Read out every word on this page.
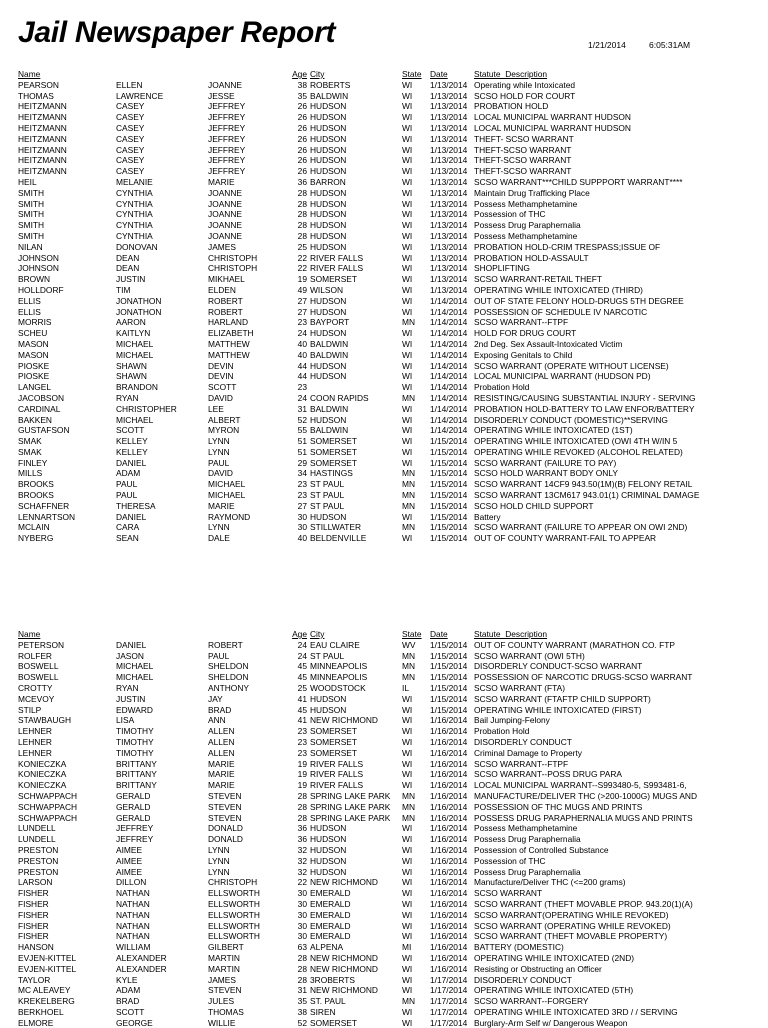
Jail Newspaper Report	1/21/2014	6:05:31AM
Name			Age	City	State	Date	Statute_Description
PEARSON	ELLEN	JOANNE	38	ROBERTS	WI	1/13/2014	Operating while Intoxicated
THOMAS	LAWRENCE	JESSE	35	BALDWIN	WI	1/13/2014	SCSO HOLD FOR COURT
HEITZMANN	CASEY	JEFFREY	26	HUDSON	WI	1/13/2014	PROBATION HOLD
HEITZMANN	CASEY	JEFFREY	26	HUDSON	WI	1/13/2014	LOCAL MUNICIPAL WARRANT HUDSON
HEITZMANN	CASEY	JEFFREY	26	HUDSON	WI	1/13/2014	LOCAL MUNICIPAL WARRANT HUDSON
HEITZMANN	CASEY	JEFFREY	26	HUDSON	WI	1/13/2014	THEFT- SCSO WARRANT
HEITZMANN	CASEY	JEFFREY	26	HUDSON	WI	1/13/2014	THEFT-SCSO WARRANT
HEITZMANN	CASEY	JEFFREY	26	HUDSON	WI	1/13/2014	THEFT-SCSO WARRANT
HEITZMANN	CASEY	JEFFREY	26	HUDSON	WI	1/13/2014	THEFT-SCSO WARRANT
HEIL	MELANIE	MARIE	36	BARRON	WI	1/13/2014	SCSO WARRANT***CHILD SUPPPORT WARRANT****
SMITH	CYNTHIA	JOANNE	28	HUDSON	WI	1/13/2014	Maintain Drug Trafficking Place
SMITH	CYNTHIA	JOANNE	28	HUDSON	WI	1/13/2014	Possess Methamphetamine
SMITH	CYNTHIA	JOANNE	28	HUDSON	WI	1/13/2014	Possession of THC
SMITH	CYNTHIA	JOANNE	28	HUDSON	WI	1/13/2014	Possess Drug Paraphernalia
SMITH	CYNTHIA	JOANNE	28	HUDSON	WI	1/13/2014	Possess Methamphetamine
NILAN	DONOVAN	JAMES	25	HUDSON	WI	1/13/2014	PROBATION HOLD-CRIM TRESPASS;ISSUE OF
JOHNSON	DEAN	CHRISTOPH	22	RIVER FALLS	WI	1/13/2014	PROBATION HOLD-ASSAULT
JOHNSON	DEAN	CHRISTOPH	22	RIVER FALLS	WI	1/13/2014	SHOPLIFTING
BROWN	JUSTIN	MIKHAEL	19	SOMERSET	WI	1/13/2014	SCSO WARRANT-RETAIL THEFT
HOLLDORF	TIM	ELDEN	49	WILSON	WI	1/13/2014	OPERATING WHILE INTOXICATED (THIRD)
ELLIS	JONATHON	ROBERT	27	HUDSON	WI	1/14/2014	OUT OF STATE FELONY HOLD-DRUGS 5TH DEGREE
ELLIS	JONATHON	ROBERT	27	HUDSON	WI	1/14/2014	POSSESSION OF SCHEDULE IV NARCOTIC
MORRIS	AARON	HARLAND	23	BAYPORT	MN	1/14/2014	SCSO WARRANT--FTPF
SCHEU	KAITLYN	ELIZABETH	24	HUDSON	WI	1/14/2014	HOLD FOR DRUG COURT
MASON	MICHAEL	MATTHEW	40	BALDWIN	WI	1/14/2014	2nd Deg. Sex Assault-Intoxicated Victim
MASON	MICHAEL	MATTHEW	40	BALDWIN	WI	1/14/2014	Exposing Genitals to Child
PIOSKE	SHAWN	DEVIN	44	HUDSON	WI	1/14/2014	SCSO WARRANT (OPERATE WITHOUT LICENSE)
PIOSKE	SHAWN	DEVIN	44	HUDSON	WI	1/14/2014	LOCAL MUNICIPAL WARRANT (HUDSON PD)
LANGEL	BRANDON	SCOTT	23		WI	1/14/2014	Probation Hold
JACOBSON	RYAN	DAVID	24	COON RAPIDS	MN	1/14/2014	RESISTING/CAUSING SUBSTANTIAL INJURY - SERVING
CARDINAL	CHRISTOPHER	LEE	31	BALDWIN	WI	1/14/2014	PROBATION HOLD-BATTERY TO LAW ENFOR/BATTERY
BAKKEN	MICHAEL	ALBERT	52	HUDSON	WI	1/14/2014	DISORDERLY CONDUCT (DOMESTIC)**SERVING
GUSTAFSON	SCOTT	MYRON	55	BALDWIN	WI	1/14/2014	OPERATING WHILE INTOXICATED (1ST)
SMAK	KELLEY	LYNN	51	SOMERSET	WI	1/15/2014	OPERATING WHILE INTOXICATED (OWI 4TH W/IN 5
SMAK	KELLEY	LYNN	51	SOMERSET	WI	1/15/2014	OPERATING WHILE REVOKED (ALCOHOL RELATED)
FINLEY	DANIEL	PAUL	29	SOMERSET	WI	1/15/2014	SCSO WARRANT (FAILURE TO PAY)
MILLS	ADAM	DAVID	34	HASTINGS	MN	1/15/2014	SCSO HOLD WARRANT BODY ONLY
BROOKS	PAUL	MICHAEL	23	ST PAUL	MN	1/15/2014	SCSO WARRANT 14CF9 943.50(1M)(B) FELONY RETAIL
BROOKS	PAUL	MICHAEL	23	ST PAUL	MN	1/15/2014	SCSO WARRANT 13CM617 943.01(1) CRIMINAL DAMAGE
SCHAFFNER	THERESA	MARIE	27	ST PAUL	MN	1/15/2014	SCSO HOLD CHILD SUPPORT
LENNARTSON	DANIEL	RAYMOND	30	HUDSON	WI	1/15/2014	Battery
MCLAIN	CARA	LYNN	30	STILLWATER	MN	1/15/2014	SCSO WARRANT (FAILURE TO APPEAR ON OWI 2ND)
NYBERG	SEAN	DALE	40	BELDENVILLE	WI	1/15/2014	OUT OF COUNTY WARRANT-FAIL TO APPEAR
Name			Age	City	State	Date	Statute_Description
PETERSON	DANIEL	ROBERT	24	EAU CLAIRE	WV	1/15/2014	OUT OF COUNTY WARRANT (MARATHON CO. FTP
ROLFER	JASON	PAUL	24	ST PAUL	MN	1/15/2014	SCSO WARRANT (OWI 5TH)
BOSWELL	MICHAEL	SHELDON	45	MINNEAPOLIS	MN	1/15/2014	DISORDERLY CONDUCT-SCSO WARRANT
BOSWELL	MICHAEL	SHELDON	45	MINNEAPOLIS	MN	1/15/2014	POSSESSION OF NARCOTIC DRUGS-SCSO WARRANT
CROTTY	RYAN	ANTHONY	25	WOODSTOCK	IL	1/15/2014	SCSO WARRANT (FTA)
MCEVOY	JUSTIN	JAY	41	HUDSON	WI	1/15/2014	SCSO WARRANT (FTAFTP CHILD SUPPORT)
STILP	EDWARD	BRAD	45	HUDSON	WI	1/15/2014	OPERATING WHILE INTOXICATED (FIRST)
STAWBAUGH	LISA	ANN	41	NEW RICHMOND	WI	1/16/2014	Bail Jumping-Felony
LEHNER	TIMOTHY	ALLEN	23	SOMERSET	WI	1/16/2014	Probation Hold
LEHNER	TIMOTHY	ALLEN	23	SOMERSET	WI	1/16/2014	DISORDERLY CONDUCT
LEHNER	TIMOTHY	ALLEN	23	SOMERSET	WI	1/16/2014	Criminal Damage to Property
KONIECZKA	BRITTANY	MARIE	19	RIVER FALLS	WI	1/16/2014	SCSO WARRANT--FTPF
KONIECZKA	BRITTANY	MARIE	19	RIVER FALLS	WI	1/16/2014	SCSO WARRANT--POSS DRUG PARA
KONIECZKA	BRITTANY	MARIE	19	RIVER FALLS	WI	1/16/2014	LOCAL MUNICIPAL WARRANT--S993480-5, S993481-6,
SCHWAPPACH	GERALD	STEVEN	28	SPRING LAKE PARK	MN	1/16/2014	MANUFACTURE/DELIVER THC (>200-1000G) MUGS AND
SCHWAPPACH	GERALD	STEVEN	28	SPRING LAKE PARK	MN	1/16/2014	POSSESSION OF THC MUGS AND PRINTS
SCHWAPPACH	GERALD	STEVEN	28	SPRING LAKE PARK	MN	1/16/2014	POSSESS DRUG PARAPHERNALIA MUGS AND PRINTS
LUNDELL	JEFFREY	DONALD	36	HUDSON	WI	1/16/2014	Possess Methamphetamine
LUNDELL	JEFFREY	DONALD	36	HUDSON	WI	1/16/2014	Possess Drug Paraphernalia
PRESTON	AIMEE	LYNN	32	HUDSON	WI	1/16/2014	Possession of Controlled Substance
PRESTON	AIMEE	LYNN	32	HUDSON	WI	1/16/2014	Possession of THC
PRESTON	AIMEE	LYNN	32	HUDSON	WI	1/16/2014	Possess Drug Paraphernalia
LARSON	DILLON	CHRISTOPH	22	NEW RICHMOND	WI	1/16/2014	Manufacture/Deliver THC (<=200 grams)
FISHER	NATHAN	ELLSWORTH	30	EMERALD	WI	1/16/2014	SCSO WARRANT
FISHER	NATHAN	ELLSWORTH	30	EMERALD	WI	1/16/2014	SCSO WARRANT (THEFT MOVABLE PROP. 943.20(1)(A)
FISHER	NATHAN	ELLSWORTH	30	EMERALD	WI	1/16/2014	SCSO WARRANT(OPERATING WHILE REVOKED)
FISHER	NATHAN	ELLSWORTH	30	EMERALD	WI	1/16/2014	SCSO WARRANT (OPERATING WHILE REVOKED)
FISHER	NATHAN	ELLSWORTH	30	EMERALD	WI	1/16/2014	SCSO WARRANT (THEFT MOVABLE PROPERTY)
HANSON	WILLIAM	GILBERT	63	ALPENA	MI	1/16/2014	BATTERY (DOMESTIC)
EVJEN-KITTEL	ALEXANDER	MARTIN	28	NEW RICHMOND	WI	1/16/2014	OPERATING WHILE INTOXICATED (2ND)
EVJEN-KITTEL	ALEXANDER	MARTIN	28	NEW RICHMOND	WI	1/16/2014	Resisting or Obstructing an Officer
TAYLOR	KYLE	JAMES	28	3ROBERTS	WI	1/17/2014	DISORDERLY CONDUCT
MC ALEAVEY	ADAM	STEVEN	31	NEW RICHMOND	WI	1/17/2014	OPERATING WHILE INTOXICATED (5TH)
KREKELBERG	BRAD	JULES	35	ST. PAUL	MN	1/17/2014	SCSO WARRANT--FORGERY
BERKHOEL	SCOTT	THOMAS	38	SIREN	WI	1/17/2014	OPERATING WHILE INTOXICATED 3RD / / SERVING
ELMORE	GEORGE	WILLIE	52	SOMERSET	WI	1/17/2014	Burglary-Arm Self w/ Dangerous Weapon
